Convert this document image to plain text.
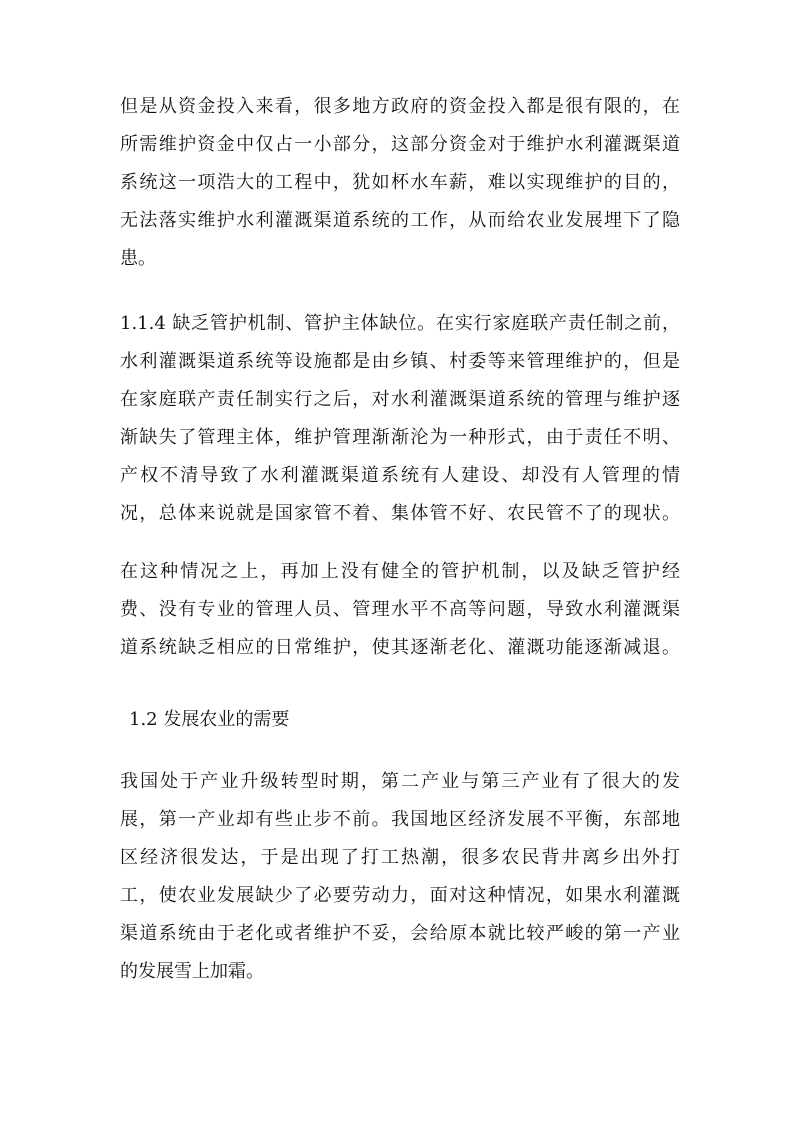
但是从资金投入来看，很多地方政府的资金投入都是很有限的，在
所需维护资金中仅占一小部分，这部分资金对于维护水利灌溉渠道
系统这一项浩大的工程中，犹如杯水车薪，难以实现维护的目的，
无法落实维护水利灌溉渠道系统的工作，从而给农业发展埋下了隐
患。
1.1.4 缺乏管护机制、管护主体缺位。在实行家庭联产责任制之前，
水利灌溉渠道系统等设施都是由乡镇、村委等来管理维护的，但是
在家庭联产责任制实行之后，对水利灌溉渠道系统的管理与维护逐
渐缺失了管理主体，维护管理渐渐沦为一种形式，由于责任不明、
产权不清导致了水利灌溉渠道系统有人建设、却没有人管理的情
况，总体来说就是国家管不着、集体管不好、农民管不了的现状。
在这种情况之上，再加上没有健全的管护机制，以及缺乏管护经
费、没有专业的管理人员、管理水平不高等问题，导致水利灌溉渠
道系统缺乏相应的日常维护，使其逐渐老化、灌溉功能逐渐减退。
1.2 发展农业的需要
我国处于产业升级转型时期，第二产业与第三产业有了很大的发
展，第一产业却有些止步不前。我国地区经济发展不平衡，东部地
区经济很发达，于是出现了打工热潮，很多农民背井离乡出外打
工，使农业发展缺少了必要劳动力，面对这种情况，如果水利灌溉
渠道系统由于老化或者维护不妥，会给原本就比较严峻的第一产业
的发展雪上加霜。
